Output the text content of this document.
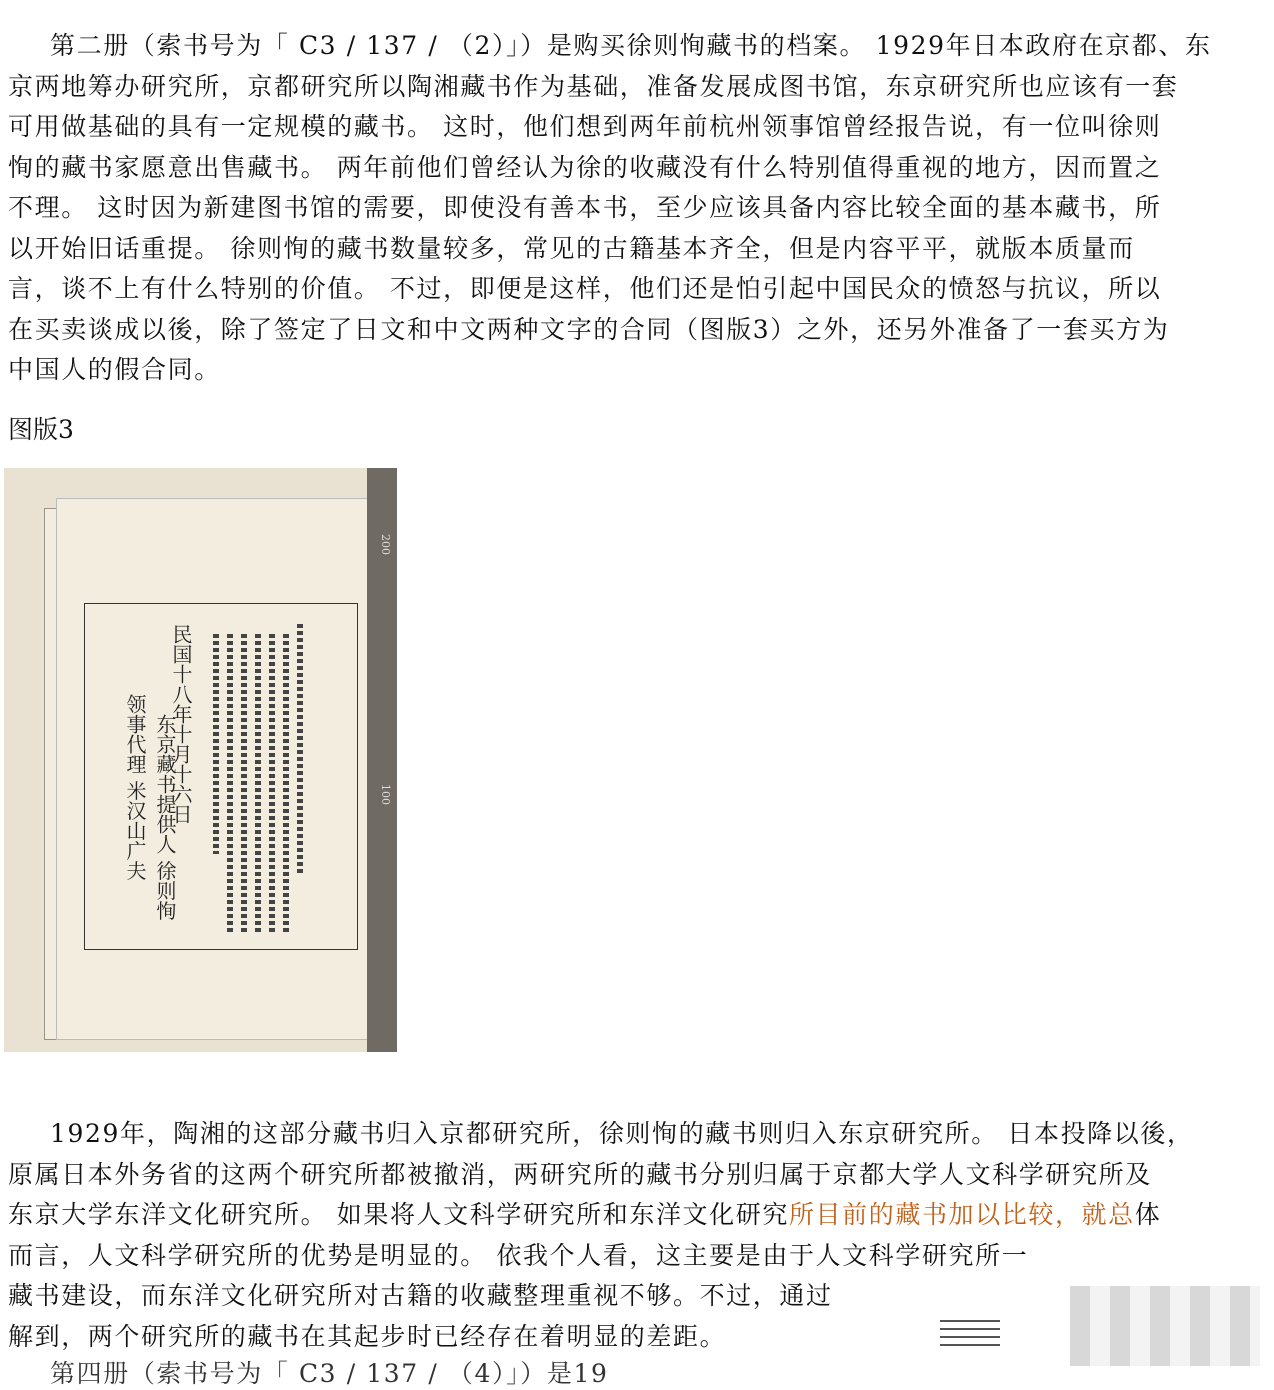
第二册（索书号为「 C3 / 137 / （2）」）是购买徐则恂藏书的档案。 1929年日本政府在京都、东
京两地筹办研究所，京都研究所以陶湘藏书作为基础，准备发展成图书馆，东京研究所也应该有一套
可用做基础的具有一定规模的藏书。 这时，他们想到两年前杭州领事馆曾经报告说，有一位叫徐则
恂的藏书家愿意出售藏书。 两年前他们曾经认为徐的收藏没有什么特别值得重视的地方，因而置之
不理。 这时因为新建图书馆的需要，即使没有善本书，至少应该具备内容比较全面的基本藏书，所
以开始旧话重提。 徐则恂的藏书数量较多，常见的古籍基本齐全，但是内容平平，就版本质量而
言，谈不上有什么特别的价值。 不过，即便是这样，他们还是怕引起中国民众的愤怒与抗议，所以
在买卖谈成以後，除了签定了日文和中文两种文字的合同（图版3）之外，还另外准备了一套买方为
中国人的假合同。
图版3
200
100
民国十八年十月十六日
东京藏书提供人 徐则恂
领事代理 米汉山广夫
1929年，陶湘的这部分藏书归入京都研究所，徐则恂的藏书则归入东京研究所。 日本投降以後，
原属日本外务省的这两个研究所都被撤消，两研究所的藏书分别归属于京都大学人文科学研究所及
东京大学东洋文化研究所。 如果将人文科学研究所和东洋文化研究所目前的藏书加以比较，就总体
而言，人文科学研究所的优势是明显的。 依我个人看，这主要是由于人文科学研究所一
藏书建设，而东洋文化研究所对古籍的收藏整理重视不够。不过，通过
解到，两个研究所的藏书在其起步时已经存在着明显的差距。
第四册（索书号为「 C3 / 137 / （4）」）是19
